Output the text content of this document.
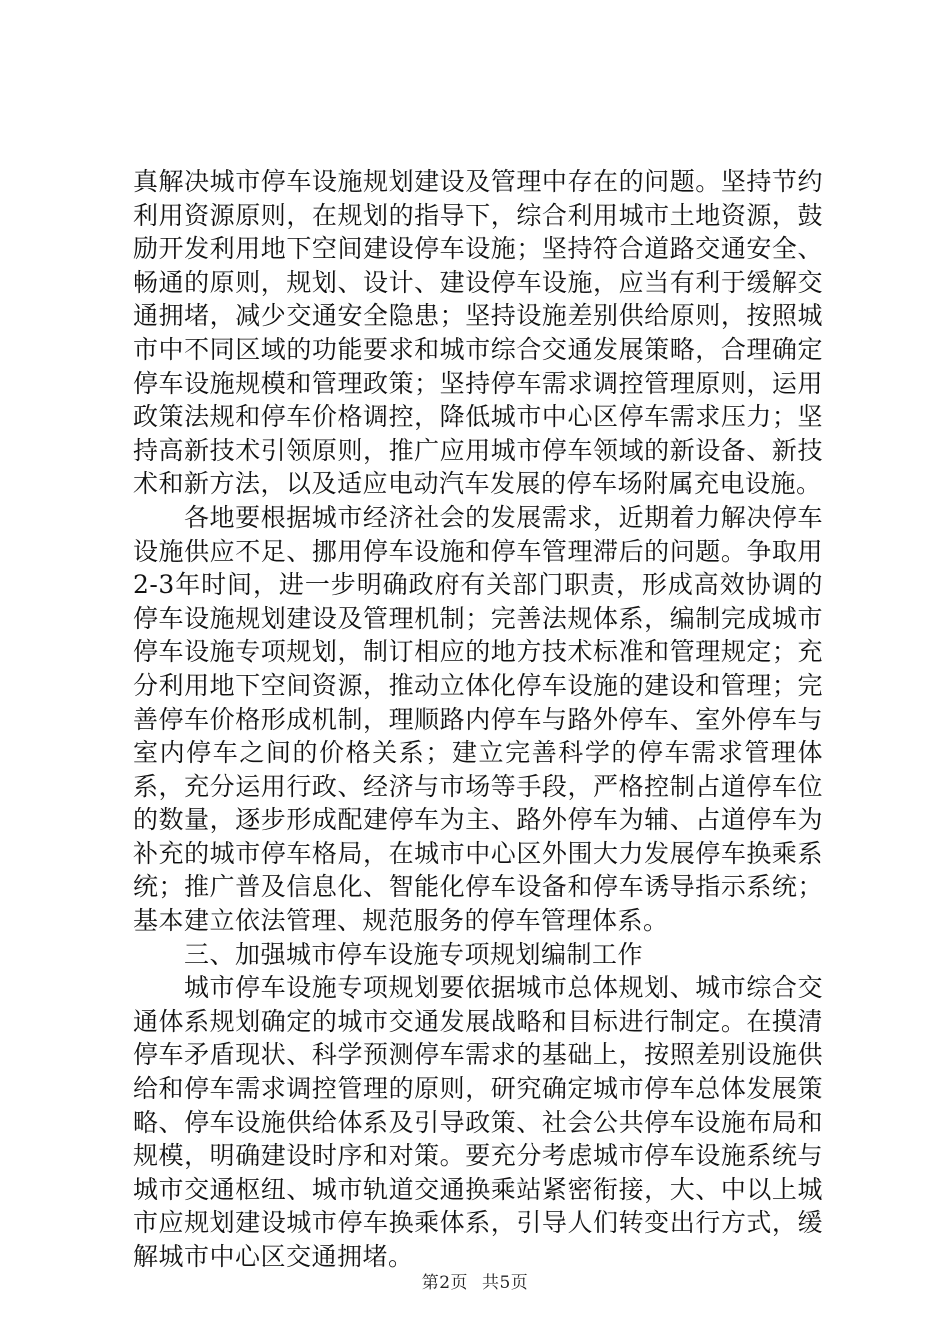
真解决城市停车设施规划建设及管理中存在的问题。坚持节约利用资源原则，在规划的指导下，综合利用城市土地资源，鼓励开发利用地下空间建设停车设施；坚持符合道路交通安全、畅通的原则，规划、设计、建设停车设施，应当有利于缓解交通拥堵，减少交通安全隐患；坚持设施差别供给原则，按照城市中不同区域的功能要求和城市综合交通发展策略，合理确定停车设施规模和管理政策；坚持停车需求调控管理原则，运用政策法规和停车价格调控，降低城市中心区停车需求压力；坚持高新技术引领原则，推广应用城市停车领域的新设备、新技术和新方法，以及适应电动汽车发展的停车场附属充电设施。

各地要根据城市经济社会的发展需求，近期着力解决停车设施供应不足、挪用停车设施和停车管理滞后的问题。争取用2-3年时间，进一步明确政府有关部门职责，形成高效协调的停车设施规划建设及管理机制；完善法规体系，编制完成城市停车设施专项规划，制订相应的地方技术标准和管理规定；充分利用地下空间资源，推动立体化停车设施的建设和管理；完善停车价格形成机制，理顺路内停车与路外停车、室外停车与室内停车之间的价格关系；建立完善科学的停车需求管理体系，充分运用行政、经济与市场等手段，严格控制占道停车位的数量，逐步形成配建停车为主、路外停车为辅、占道停车为补充的城市停车格局，在城市中心区外围大力发展停车换乘系统；推广普及信息化、智能化停车设备和停车诱导指示系统；基本建立依法管理、规范服务的停车管理体系。

三、加强城市停车设施专项规划编制工作

城市停车设施专项规划要依据城市总体规划、城市综合交通体系规划确定的城市交通发展战略和目标进行制定。在摸清停车矛盾现状、科学预测停车需求的基础上，按照差别设施供给和停车需求调控管理的原则，研究确定城市停车总体发展策略、停车设施供给体系及引导政策、社会公共停车设施布局和规模，明确建设时序和对策。要充分考虑城市停车设施系统与城市交通枢纽、城市轨道交通换乘站紧密衔接，大、中以上城市应规划建设城市停车换乘体系，引导人们转变出行方式，缓解城市中心区交通拥堵。

第2页 共5页
